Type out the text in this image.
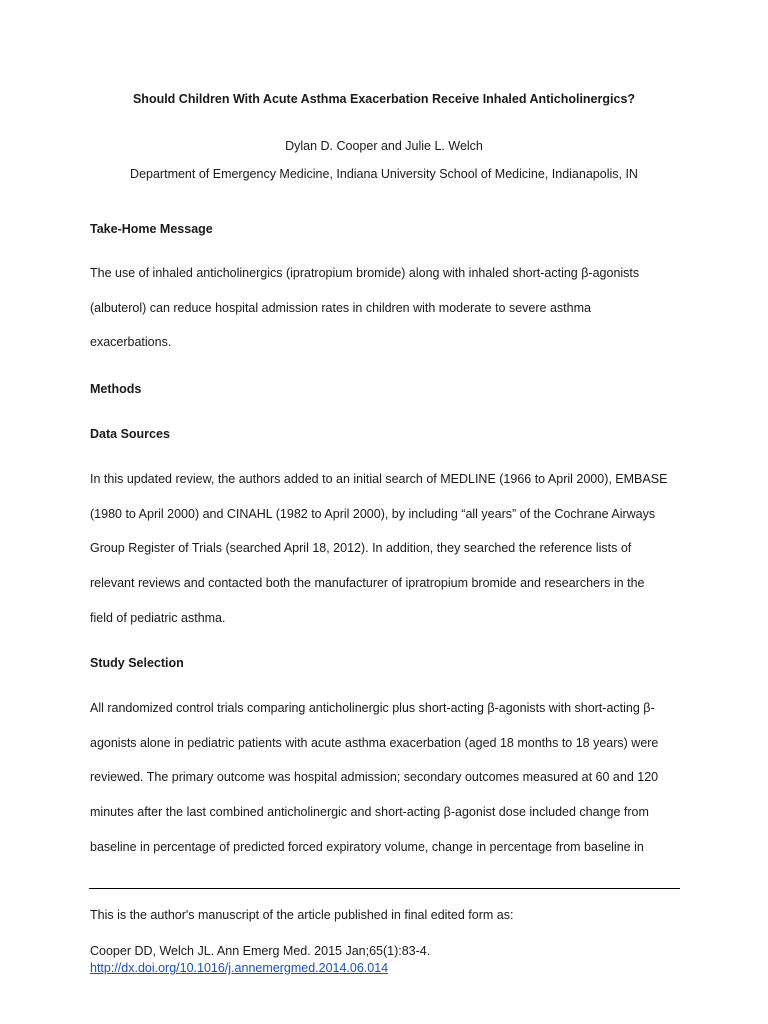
Should Children With Acute Asthma Exacerbation Receive Inhaled Anticholinergics?
Dylan D. Cooper and Julie L. Welch
Department of Emergency Medicine, Indiana University School of Medicine, Indianapolis, IN
Take-Home Message
The use of inhaled anticholinergics (ipratropium bromide) along with inhaled short-acting β-agonists
(albuterol) can reduce hospital admission rates in children with moderate to severe asthma
exacerbations.
Methods
Data Sources
In this updated review, the authors added to an initial search of MEDLINE (1966 to April 2000), EMBASE
(1980 to April 2000) and CINAHL (1982 to April 2000), by including “all years” of the Cochrane Airways
Group Register of Trials (searched April 18, 2012). In addition, they searched the reference lists of
relevant reviews and contacted both the manufacturer of ipratropium bromide and researchers in the
field of pediatric asthma.
Study Selection
All randomized control trials comparing anticholinergic plus short-acting β-agonists with short-acting β-
agonists alone in pediatric patients with acute asthma exacerbation (aged 18 months to 18 years) were
reviewed. The primary outcome was hospital admission; secondary outcomes measured at 60 and 120
minutes after the last combined anticholinergic and short-acting β-agonist dose included change from
baseline in percentage of predicted forced expiratory volume, change in percentage from baseline in
This is the author's manuscript of the article published in final edited form as:
Cooper DD, Welch JL. Ann Emerg Med. 2015 Jan;65(1):83-4.
http://dx.doi.org/10.1016/j.annemergmed.2014.06.014
